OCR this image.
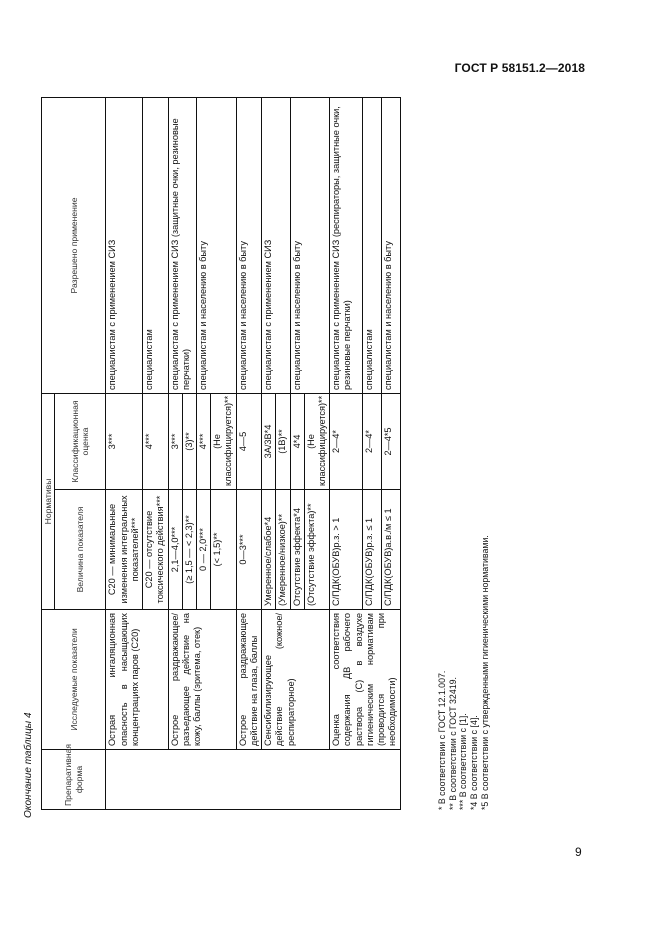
ГОСТ Р 58151.2—2018
9
Окончание таблицы 4	Препаративная форма	Исследуемые показатели	Нормативы		Разрешено применение
		Величина показателя	Классификационная оценка	
	Острая ингаляционная опасность в насыщающих концентрациях паров (C20)	C20 — минимальные изменения интегральных показателей***	3***	специалистам с применением СИЗ
		C20 — отсутствие токсического действия***	4***	специалистам
	Острое раздражающее/разъедающее действие на кожу, баллы (эритема, отек)	2,1—4,0***	3***	специалистам с применением СИЗ (защитные очки, резиновые перчатки)
		(≥ 1,5 — < 2,3)**	(3)**	
		0 — 2,0***	4***	специалистам и населению в быту
		(< 1,5)**	(Не классифицируется)**	
	Острое раздражающее действие на глаза, баллы	0—3***	4—5	специалистам и населению в быту
	Сенсибилизирующее действие (кожное/респираторное)	Умеренное/слабое*4	3А/3В*4	специалистам с применением СИЗ
		(Умеренное/низкое)**	(1В)**	
		Отсутствие эффекта*4	4*4	специалистам и населению в быту
		(Отсутствие эффекта)**	(Не классифицируется)**	
	Оценка соответствия содержания ДВ рабочего раствора (С) в воздухе гигиеническим нормативам (проводится при необходимости)	С/ПДК(ОБУВ)р.з. > 1	2—4*	специалистам с применением СИЗ (респираторы, защитные очки, резиновые перчатки)
		С/ПДК(ОБУВ)р.з. ≤ 1	2—4*	специалистам
		С/ПДК(ОБУВ)а.в./м ≤ 1	2—4*5	специалистам и населению в быту
* В соответствии с ГОСТ 12.1.007. ** В соответствии с ГОСТ 32419. *** В соответствии с [1]. *4 В соответствии с [4]. *5 В соответствии с утвержденными гигиеническими нормативами.
